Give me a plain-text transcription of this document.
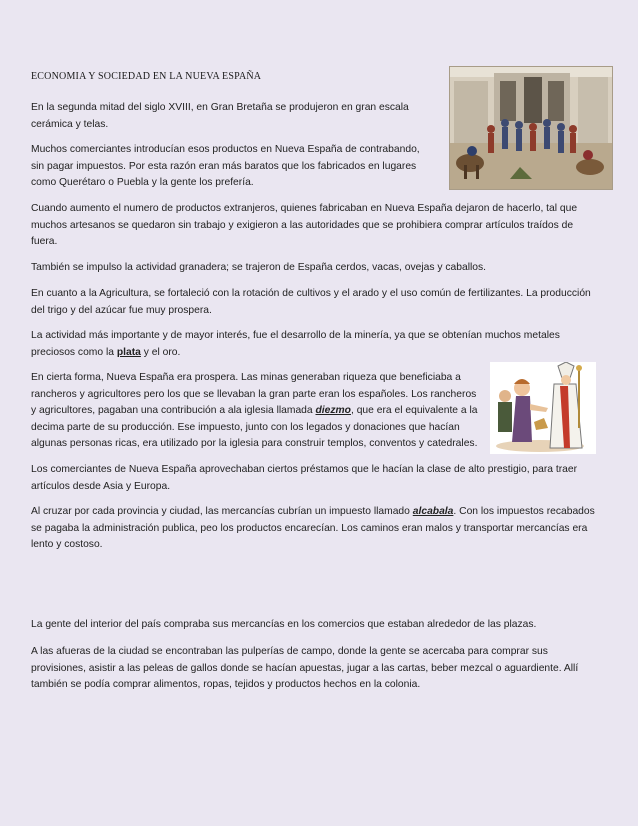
ECONOMIA Y SOCIEDAD EN LA NUEVA ESPAÑA

En la segunda mitad del siglo XVIII, en Gran Bretaña se produjeron en gran escala
cerámica y telas.

Muchos comerciantes introducían esos productos en Nueva España de contrabando,
sin pagar impuestos. Por esta razón eran más baratos que los fabricados en lugares
como Querétaro o Puebla y la gente los prefería.

Cuando aumento el numero de productos extranjeros, quienes fabricaban en Nueva España dejaron de hacerlo, tal que
muchos artesanos se quedaron sin trabajo y exigieron a las autoridades que se prohibiera comprar artículos traídos de
fuera.

También se impulso la actividad granadera; se trajeron de España cerdos, vacas, ovejas y caballos.

En cuanto a la Agricultura, se fortaleció con la rotación de cultivos y el arado y el uso común de fertilizantes. La producción
del trigo y del azúcar fue muy prospera.

La actividad más importante y de mayor interés, fue el desarrollo de la minería, ya que se obtenían muchos metales
preciosos como la plata y el oro.

En cierta forma, Nueva España era prospera. Las minas generaban riqueza que beneficiaba a
rancheros y agricultores pero los que se llevaban la gran parte eran los españoles. Los rancheros
y agricultores, pagaban una contribución a ala iglesia llamada diezmo, que era el equivalente a la
decima parte de su producción. Ese impuesto, junto con los legados y donaciones que hacían
algunas personas ricas, era utilizado por la iglesia para construir templos, conventos y catedrales.

Los comerciantes de Nueva España aprovechaban ciertos préstamos que le hacían la clase de alto prestigio, para traer
artículos desde Asia y Europa.

Al cruzar por cada provincia y ciudad, las mercancías cubrían un impuesto llamado alcabala. Con los impuestos recabados
se pagaba la administración publica, peo los productos encarecían. Los caminos eran malos y transportar mercancías era
lento y costoso.

La gente del interior del país compraba sus mercancías en los comercios que estaban alrededor de las plazas.

A las afueras de la ciudad se encontraban las pulperías de campo, donde la gente se acercaba para comprar sus
provisiones, asistir a las peleas de gallos donde se hacían apuestas, jugar a las cartas, beber mezcal o aguardiente. Allí
también se podía comprar alimentos, ropas, tejidos y productos hechos en la colonia.
